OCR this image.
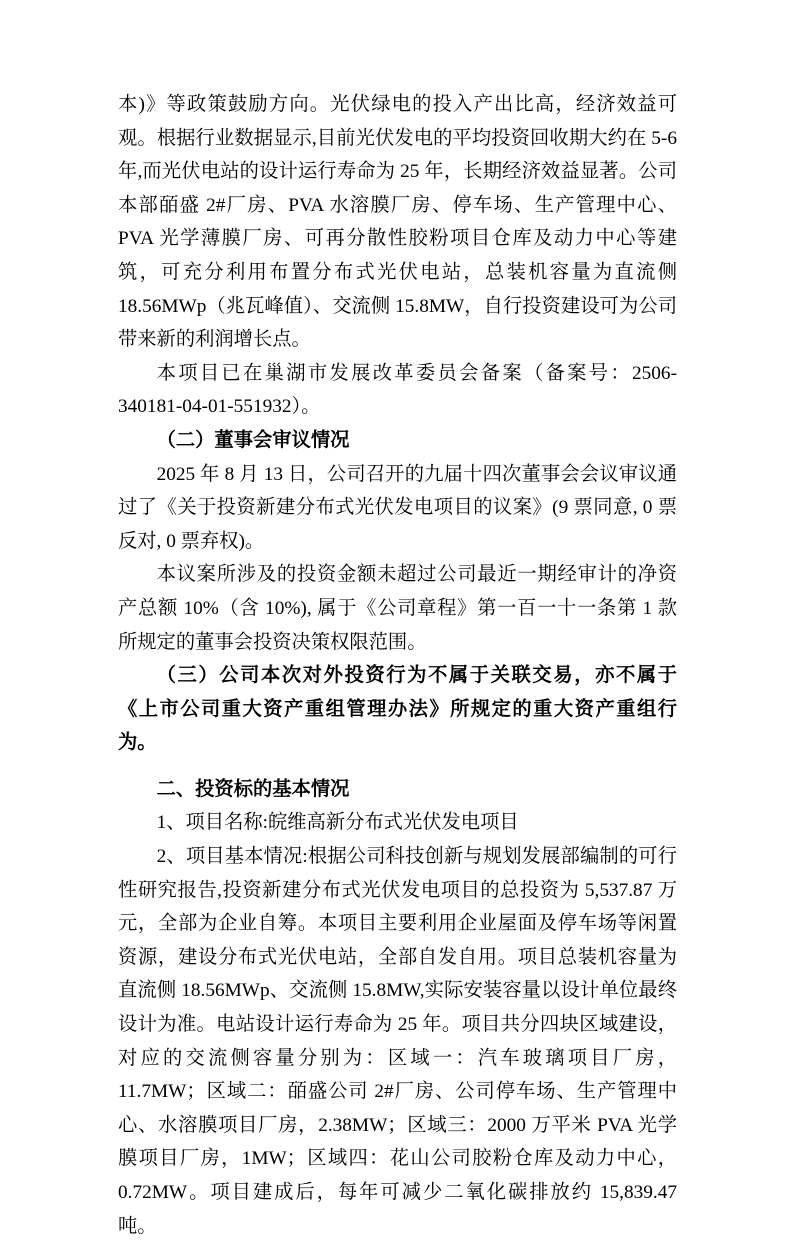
本)》等政策鼓励方向。光伏绿电的投入产出比高，经济效益可观。根据行业数据显示,目前光伏发电的平均投资回收期大约在 5-6 年,而光伏电站的设计运行寿命为 25 年，长期经济效益显著。公司本部皕盛 2#厂房、PVA 水溶膜厂房、停车场、生产管理中心、PVA 光学薄膜厂房、可再分散性胶粉项目仓库及动力中心等建筑，可充分利用布置分布式光伏电站，总装机容量为直流侧 18.56MWp（兆瓦峰值）、交流侧 15.8MW，自行投资建设可为公司带来新的利润增长点。

本项目已在巢湖市发展改革委员会备案（备案号：2506-340181-04-01-551932）。

（二）董事会审议情况

2025 年 8 月 13 日，公司召开的九届十四次董事会会议审议通过了《关于投资新建分布式光伏发电项目的议案》(9 票同意, 0 票反对, 0 票弃权)。

本议案所涉及的投资金额未超过公司最近一期经审计的净资产总额 10%（含 10%), 属于《公司章程》第一百一十一条第 1 款所规定的董事会投资决策权限范围。

（三）公司本次对外投资行为不属于关联交易，亦不属于《上市公司重大资产重组管理办法》所规定的重大资产重组行为。

二、投资标的基本情况

1、项目名称:皖维高新分布式光伏发电项目

2、项目基本情况:根据公司科技创新与规划发展部编制的可行性研究报告,投资新建分布式光伏发电项目的总投资为 5,537.87 万元，全部为企业自筹。本项目主要利用企业屋面及停车场等闲置资源，建设分布式光伏电站，全部自发自用。项目总装机容量为直流侧 18.56MWp、交流侧 15.8MW,实际安装容量以设计单位最终设计为准。电站设计运行寿命为 25 年。项目共分四块区域建设，对应的交流侧容量分别为：区域一：汽车玻璃项目厂房，11.7MW；区域二：皕盛公司 2#厂房、公司停车场、生产管理中心、水溶膜项目厂房，2.38MW；区域三：2000 万平米 PVA 光学膜项目厂房，1MW；区域四：花山公司胶粉仓库及动力中心，0.72MW。项目建成后，每年可减少二氧化碳排放约 15,839.47 吨。
